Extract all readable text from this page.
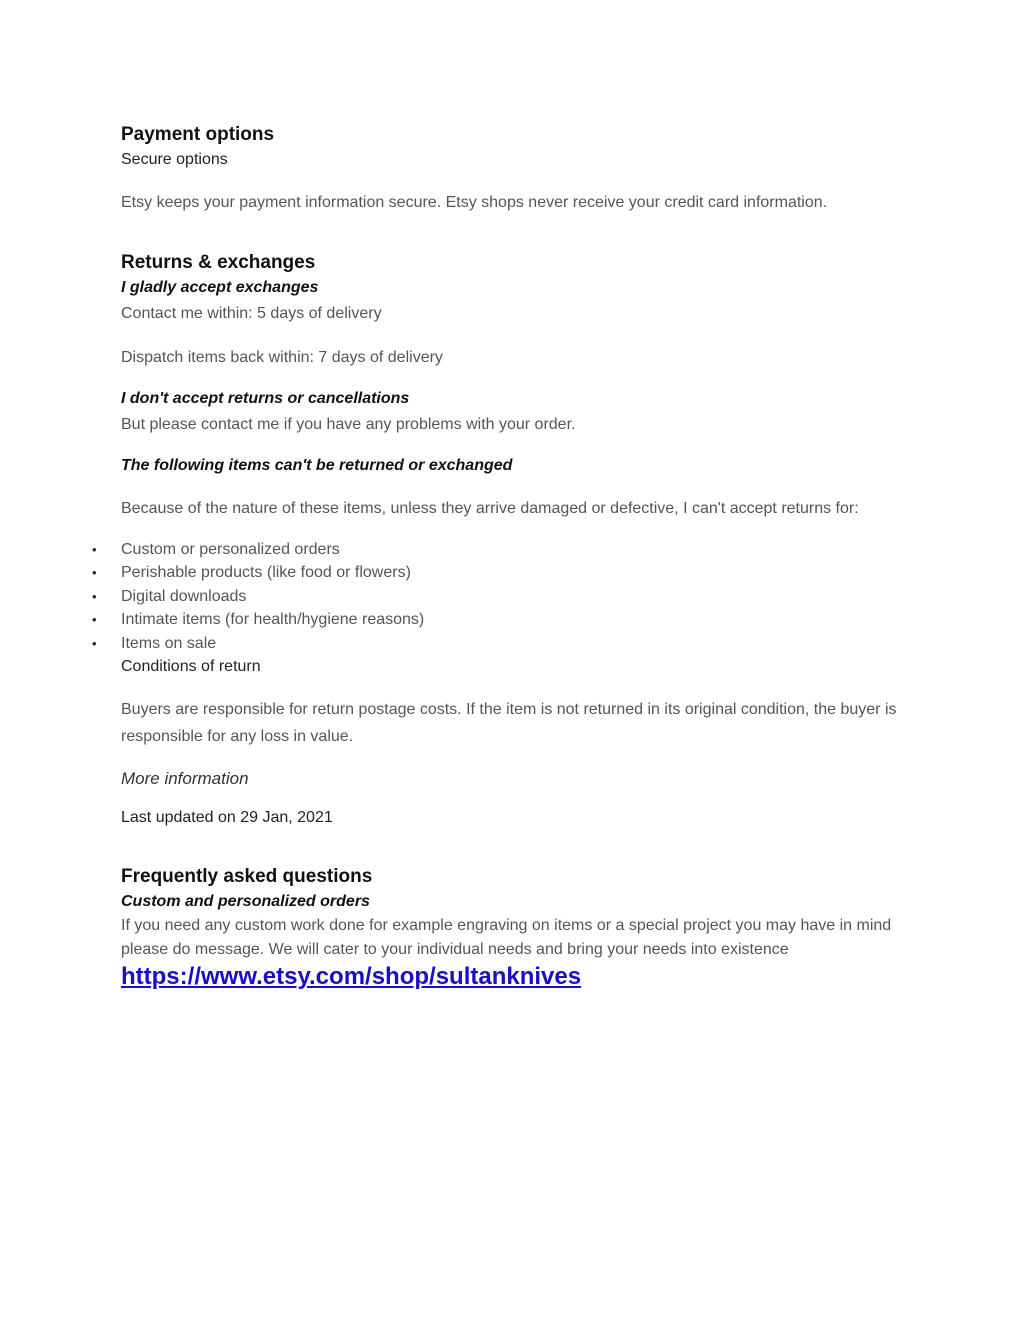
Payment options

Secure options

Etsy keeps your payment information secure. Etsy shops never receive your credit card information.

Returns & exchanges

I gladly accept exchanges

Contact me within: 5 days of delivery

Dispatch items back within: 7 days of delivery

I don't accept returns or cancellations

But please contact me if you have any problems with your order.

The following items can't be returned or exchanged

Because of the nature of these items, unless they arrive damaged or defective, I can't accept returns for:

• Custom or personalized orders
• Perishable products (like food or flowers)
• Digital downloads
• Intimate items (for health/hygiene reasons)
• Items on sale

Conditions of return

Buyers are responsible for return postage costs. If the item is not returned in its original condition, the buyer is responsible for any loss in value.

More information

Last updated on 29 Jan, 2021

Frequently asked questions

Custom and personalized orders

If you need any custom work done for example engraving on items or a special project you may have in mind please do message. We will cater to your individual needs and bring your needs into existence

https://www.etsy.com/shop/sultanknives
